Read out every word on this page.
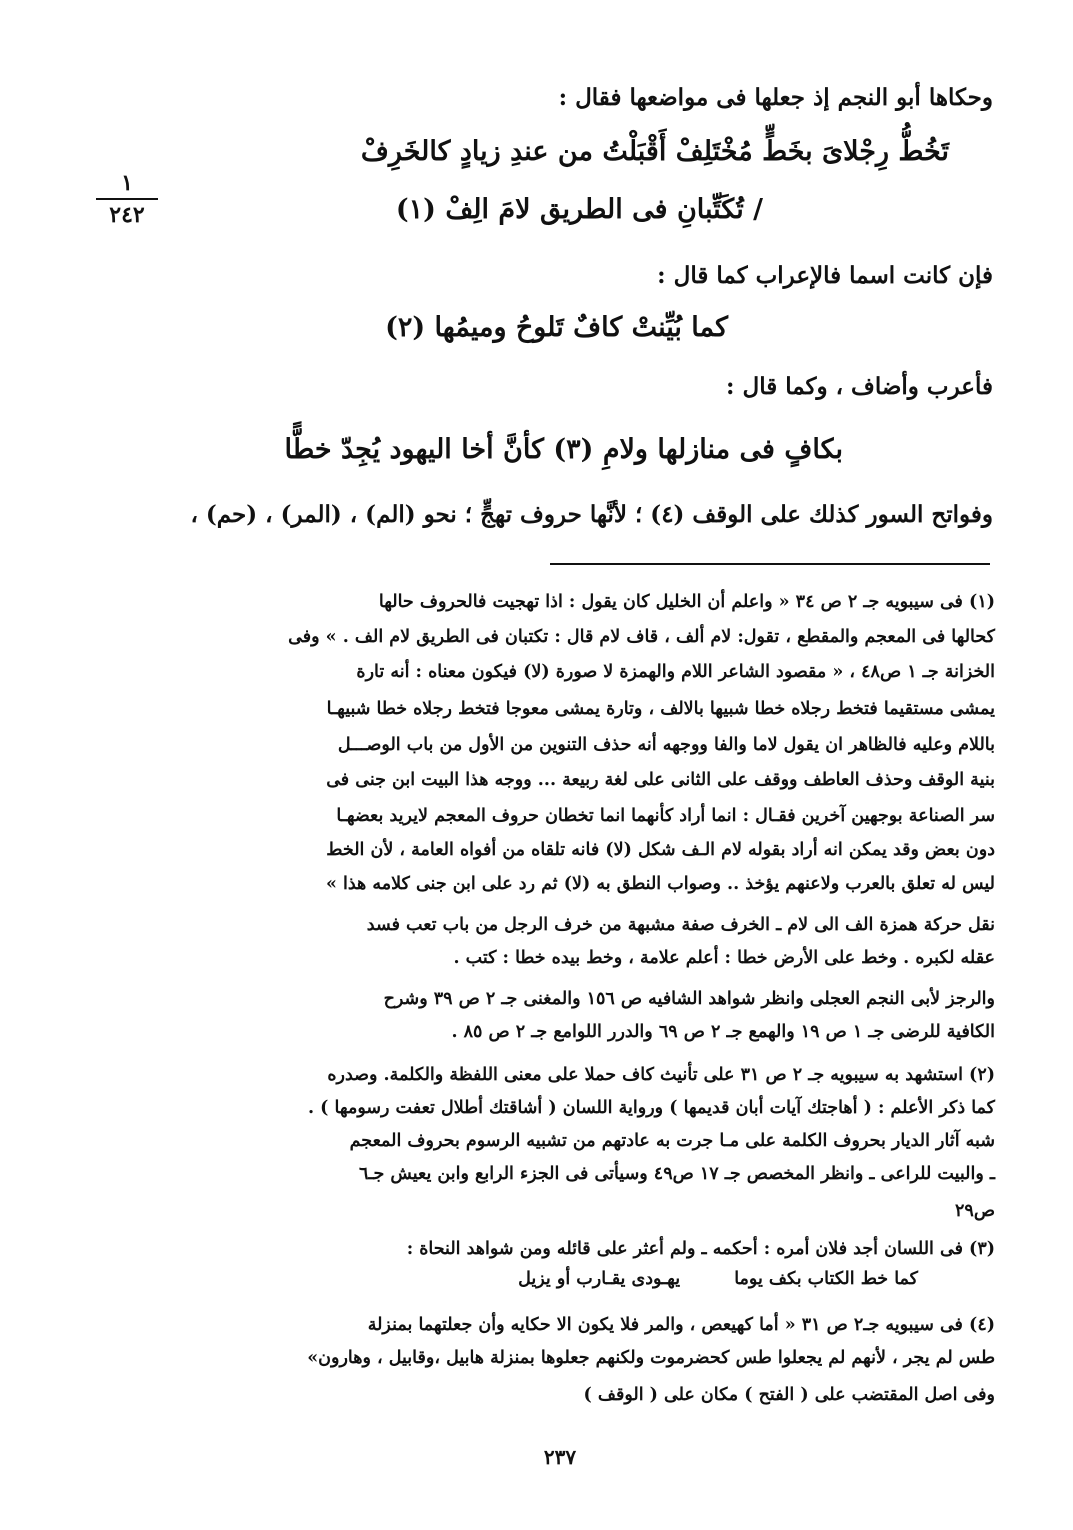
وحكاها أبو النجم إذ جعلها فى مواضعها فقال :
أَقْبَلْتُ من عندِ زيادٍ كالخَرِفْ تَخُطُّ رِجْلاىَ بخَطٍّ مُخْتَلِفْ
/ تُكَتِّبانِ فى الطريق لامَ الِفْ (١)
١
٢٤٢
فإن كانت اسما فالإعراب كما قال :
كما بُيِّنتْ كافٌ تَلوحُ وميمُها (٢)
فأعرب وأضاف ، وكما قال :
كأنَّ أخا اليهود يُجِدّ خطًّا بكافٍ فى منازلها ولامِ (٣)
وفواتح السور كذلك على الوقف (٤) ؛ لأنَّها حروف تهجٍّ ؛ نحو (الم) ، (المر) ، (حم) ،
(١) فى سيبويه جـ ٢ ص ٣٤ « واعلم أن الخليل كان يقول : اذا تهجيت فالحروف حالها
كحالها فى المعجم والمقطع ، تقول: لام ألف ، قاف لام قال : تكتبان فى الطريق لام الف . » وفى
الخزانة جـ ١ ص٤٨ ، « مقصود الشاعر اللام والهمزة لا صورة (لا) فيكون معناه : أنه تارة
يمشى مستقيما فتخط رجلاه خطا شبيها بالالف ، وتارة يمشى معوجا فتخط رجلاه خطا شبيهـا
باللام وعليه فالظاهر ان يقول لاما والفا ووجهه أنه حذف التنوين من الأول من باب الوصـــل
بنية الوقف وحذف العاطف ووقف على الثانى على لغة ربيعة ... ووجه هذا البيت ابن جنى فى
سر الصناعة بوجهين آخرين فقـال : انما أراد كأنهما انما تخطان حروف المعجم لايريد بعضهـا
دون بعض وقد يمكن انه أراد بقوله لام الـف شكل (لا) فانه تلقاه من أفواه العامة ، لأن الخط
ليس له تعلق بالعرب ولاعنهم يؤخذ .. وصواب النطق به (لا) ثم رد على ابن جنى كلامه هذا »
نقل حركة همزة الف الى لام ـ الخرف صفة مشبهة من خرف الرجل من باب تعب فسد
عقله لكبره . وخط على الأرض خطا : أعلم علامة ، وخط بيده خطا : كتب .
والرجز لأبى النجم العجلى وانظر شواهد الشافيه ص ١٥٦ والمغنى جـ ٢ ص ٣٩ وشرح
الكافية للرضى جـ ١ ص ١٩ والهمع جـ ٢ ص ٦٩ والدرر اللوامع جـ ٢ ص ٨٥ .
(٢) استشهد به سيبويه جـ ٢ ص ٣١ على تأنيث كاف حملا على معنى اللفظة والكلمة. وصدره
كما ذكر الأعلم : ( أهاجتك آيات أبان قديمها ) ورواية اللسان ( أشاقتك أطلال تعفت رسومها ) .
شبه آثار الديار بحروف الكلمة على مـا جرت به عادتهم من تشبيه الرسوم بحروف المعجم
ـ والبيت للراعى ـ وانظر المخصص جـ ١٧ ص٤٩ وسيأتى فى الجزء الرابع وابن يعيش جـ٦
ص٢٩
(٣) فى اللسان أجد فلان أمره : أحكمه ـ ولم أعثر على قائله ومن شواهد النحاة :
كما خط الكتاب بكف يوما يهـودى يقـارب أو يزيل
(٤) فى سيبويه جـ٢ ص ٣١ « أما كهيعص ، والمر فلا يكون الا حكايه وأن جعلتهما بمنزلة
طس لم يجر ، لأنهم لم يجعلوا طس كحضرموت ولكنهم جعلوها بمنزلة هابيل ،وقابيل ، وهارون»
وفى اصل المقتضب على ( الفتح ) مكان على ( الوقف )
٢٣٧
